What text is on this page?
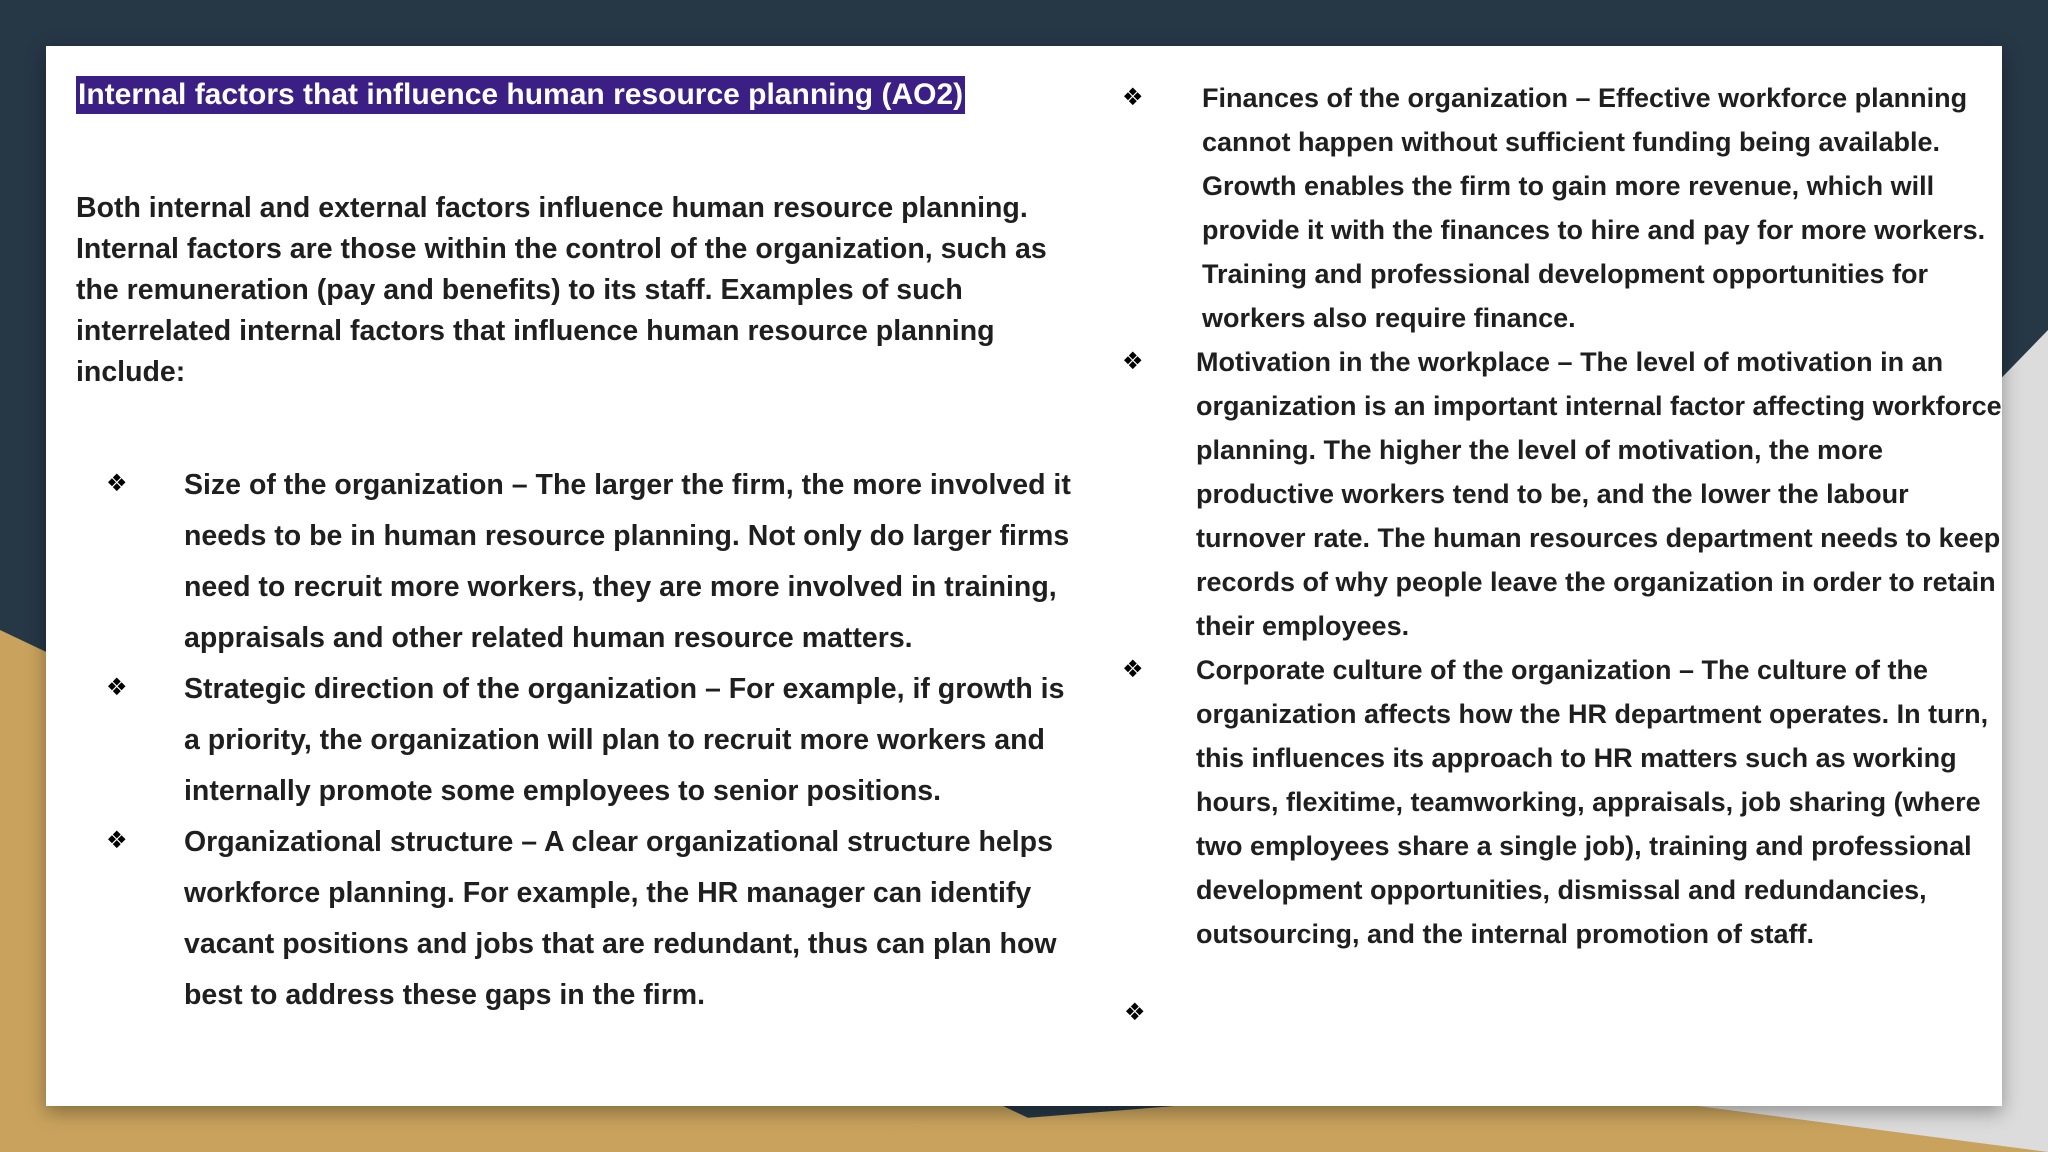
Internal factors that influence human resource planning (AO2)
Both internal and external factors influence human resource planning. Internal factors are those within the control of the organization, such as the remuneration (pay and benefits) to its staff. Examples of such interrelated internal factors that influence human resource planning include:
❖ Size of the organization – The larger the firm, the more involved it needs to be in human resource planning. Not only do larger firms need to recruit more workers, they are more involved in training, appraisals and other related human resource matters.
❖ Strategic direction of the organization – For example, if growth is a priority, the organization will plan to recruit more workers and internally promote some employees to senior positions.
❖ Organizational structure – A clear organizational structure helps workforce planning. For example, the HR manager can identify vacant positions and jobs that are redundant, thus can plan how best to address these gaps in the firm.
❖ Finances of the organization – Effective workforce planning cannot happen without sufficient funding being available. Growth enables the firm to gain more revenue, which will provide it with the finances to hire and pay for more workers. Training and professional development opportunities for workers also require finance.
❖ Motivation in the workplace – The level of motivation in an organization is an important internal factor affecting workforce planning. The higher the level of motivation, the more productive workers tend to be, and the lower the labour turnover rate. The human resources department needs to keep records of why people leave the organization in order to retain their employees.
❖ Corporate culture of the organization – The culture of the organization affects how the HR department operates. In turn, this influences its approach to HR matters such as working hours, flexitime, teamworking, appraisals, job sharing (where two employees share a single job), training and professional development opportunities, dismissal and redundancies, outsourcing, and the internal promotion of staff.
❖
